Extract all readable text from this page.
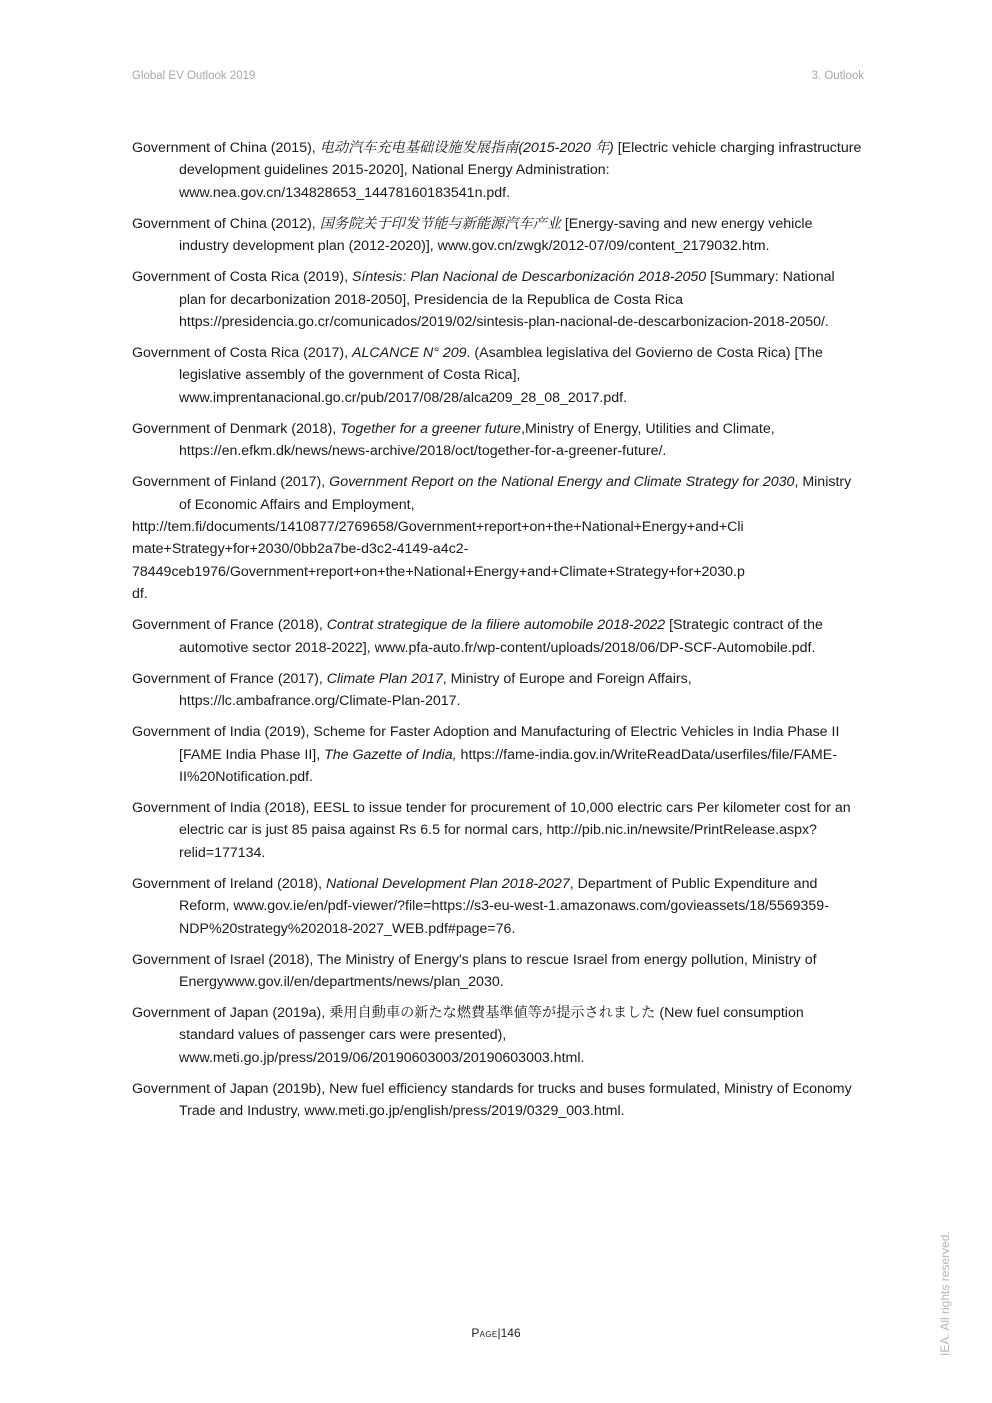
Global EV Outlook 2019	3. Outlook

Government of China (2015), 电动汽车充电基础设施发展指南(2015-2020 年) [Electric vehicle charging infrastructure development guidelines 2015-2020], National Energy Administration: www.nea.gov.cn/134828653_14478160183541n.pdf.

Government of China (2012), 国务院关于印发节能与新能源汽车产业 [Energy-saving and new energy vehicle industry development plan (2012-2020)], www.gov.cn/zwgk/2012-07/09/content_2179032.htm.

Government of Costa Rica (2019), Síntesis: Plan Nacional de Descarbonización 2018-2050 [Summary: National plan for decarbonization 2018-2050], Presidencia de la Republica de Costa Rica https://presidencia.go.cr/comunicados/2019/02/sintesis-plan-nacional-de-descarbonizacion-2018-2050/.

Government of Costa Rica (2017), ALCANCE N° 209. (Asamblea legislativa del Govierno de Costa Rica) [The legislative assembly of the government of Costa Rica], www.imprentanacional.go.cr/pub/2017/08/28/alca209_28_08_2017.pdf.

Government of Denmark (2018), Together for a greener future,Ministry of Energy, Utilities and Climate, https://en.efkm.dk/news/news-archive/2018/oct/together-for-a-greener-future/.

Government of Finland (2017), Government Report on the National Energy and Climate Strategy for 2030, Ministry of Economic Affairs and Employment,
http://tem.fi/documents/1410877/2769658/Government+report+on+the+National+Energy+and+Cli
mate+Strategy+for+2030/0bb2a7be-d3c2-4149-a4c2-
78449ceb1976/Government+report+on+the+National+Energy+and+Climate+Strategy+for+2030.p
df.

Government of France (2018), Contrat strategique de la filiere automobile 2018-2022 [Strategic contract of the automotive sector 2018-2022], www.pfa-auto.fr/wp-content/uploads/2018/06/DP-SCF-Automobile.pdf.

Government of France (2017), Climate Plan 2017, Ministry of Europe and Foreign Affairs, https://lc.ambafrance.org/Climate-Plan-2017.

Government of India (2019), Scheme for Faster Adoption and Manufacturing of Electric Vehicles in India Phase II [FAME India Phase II], The Gazette of India, https://fame-india.gov.in/WriteReadData/userfiles/file/FAME-II%20Notification.pdf.

Government of India (2018), EESL to issue tender for procurement of 10,000 electric cars Per kilometer cost for an electric car is just 85 paisa against Rs 6.5 for normal cars, http://pib.nic.in/newsite/PrintRelease.aspx?relid=177134.

Government of Ireland (2018), National Development Plan 2018-2027, Department of Public Expenditure and Reform, www.gov.ie/en/pdf-viewer/?file=https://s3-eu-west-1.amazonaws.com/govieassets/18/5569359-NDP%20strategy%202018-2027_WEB.pdf#page=76.

Government of Israel (2018), The Ministry of Energy's plans to rescue Israel from energy pollution, Ministry of Energywww.gov.il/en/departments/news/plan_2030.

Government of Japan (2019a), 乗用自動車の新たな燃費基準値等が提示されました (New fuel consumption standard values of passenger cars were presented), www.meti.go.jp/press/2019/06/20190603003/20190603003.html.

Government of Japan (2019b), New fuel efficiency standards for trucks and buses formulated, Ministry of Economy Trade and Industry, www.meti.go.jp/english/press/2019/0329_003.html.

Page|146	IEA. All rights reserved.
